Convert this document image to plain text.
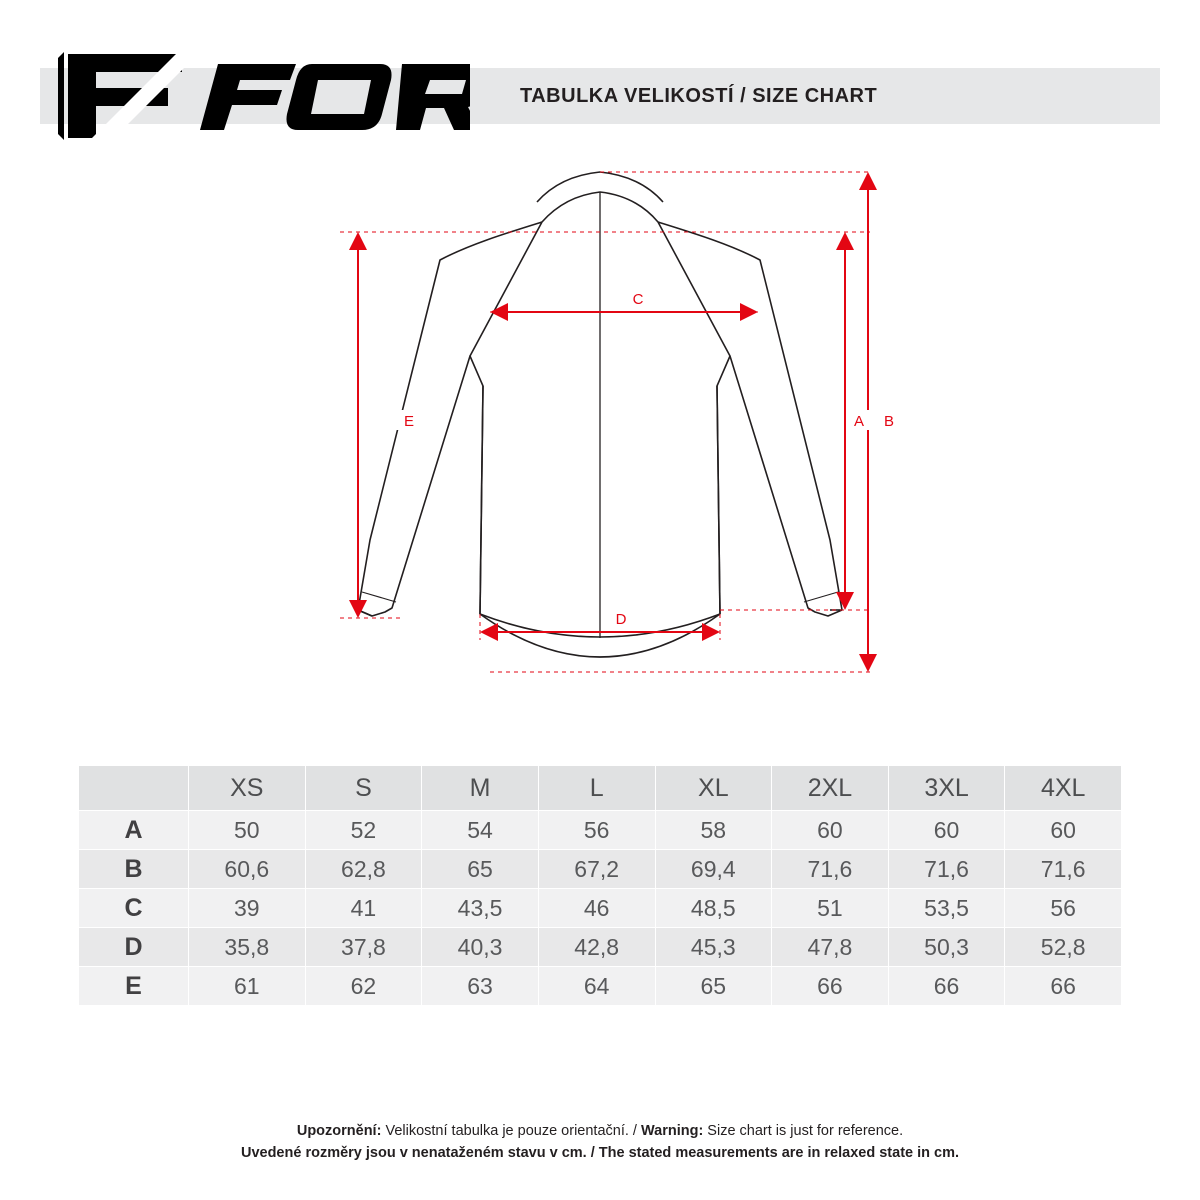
TABULKA VELIKOSTÍ / SIZE CHART
C
D
E	A B
	XS	S	M	L	XL	2XL	3XL	4XL
A	50	52	54	56	58	60	60	60
B	60,6	62,8	65	67,2	69,4	71,6	71,6	71,6
C	39	41	43,5	46	48,5	51	53,5	56
D	35,8	37,8	40,3	42,8	45,3	47,8	50,3	52,8
E	61	62	63	64	65	66	66	66
Upozornění: Velikostní tabulka je pouze orientační. / Warning: Size chart is just for reference.
Uvedené rozměry jsou v nenataženém stavu v cm. / The stated measurements are in relaxed state in cm.
